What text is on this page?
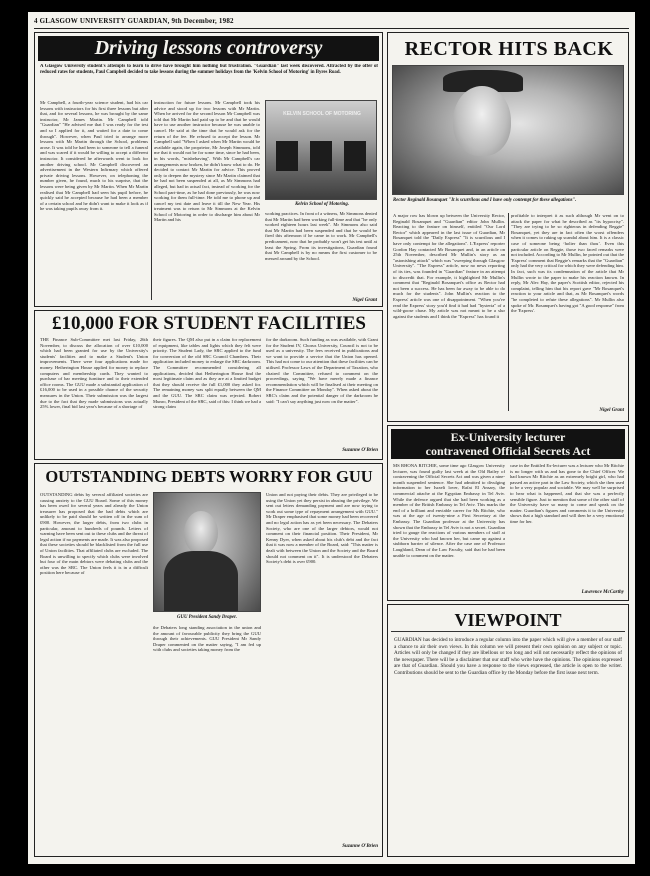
4 GLASGOW UNIVERSITY GUARDIAN, 9th December, 1982
Driving lessons controversy
A Glasgow University student's attempts to learn to drive have brought him nothing but frustration. "Guardian" last week discovered. Attracted by the offer of reduced rates for students, Paul Campbell decided to take lessons during the summer holidays from the 'Kelvin School of Motoring' in Byres Road.
Mr Campbell, a fourth-year science student, had his car lessons with instructors for his first three lessons but after that, and for several lessons, he was brought by the same instructor, Mr James Martin. Mr Campbell told "Guardian" "He advised me that I was ready for the test and so I applied for it, and waited for a date to come through". However, when Paul tried to arrange more lessons with Mr Martin through the School, problems arose. It was told he had been to someone to tell a funeral and was scared if it would be willing to accept a different instructor. It considered he afterwards went to look for another driving school. Mr Campbell discovered an advertisement in the Western Infirmary which offered private driving lessons. However, on telephoning the number given, he found, much to his surprise, that the lessons were being given by Mr Martin. When Mr Martin realised that Mr Campbell had seen his pupil before, he quickly said he accepted because he had been a member of a certain school and he didn't want to make it look as if he was taking pupils away from it.
instruction for future lessons. Mr Campbell took his advice and stood up for two lessons with Mr Martin. When he arrived for the second lesson Mr Campbell was told that Mr Martin had paid up to be and that he would have to use another instructor because he was unable to cancel. He said at the time that he would ask for the return of the fee. He refused to accept the lesson. Mr Campbell said "When I asked when Mr Martin would be available again, the proprietor, Mr Joseph Simmons, told me that it would not be for some time, since he had been, in his words, "misbehaving". With Mr Campbell's car arrangements now broken, he didn't know what to do. He decided to contact Mr Martin for advice. This proved only to deepen the mystery since Mr Martin claimed that he had not been suspended at all, as Mr Simmons had alleged, but had in actual fact, instead of working for the School part-time, as he had done previously, he was now working for them full-time. He told me to phone up and cancel my test date and leave it till the New Year. His treatment was to return to Mr Simmons at the Kelvin School of Motoring in order to discharge him about Mr Martin and his
KELVIN SCHOOL OF MOTORING
Kelvin School of Motoring.
working practices. In front of a witness, Mr Simmons denied that Mr Martin had been working full-time and that "he only worked eighteen hours last week". Mr Simmons also said that Mr Martin had been suspended and that he would be fired this afternoon if he came in to work. Mr Campbell's predicament, now that he probably won't get his test until at least the Spring. From its investigations, Guardian found that Mr Campbell is by no means the first customer to be messed around by the School.
Nigel Grant
RECTOR HITS BACK
Rector Reginald Bosanquet "It is scurrilous and I have only contempt for these allegations".
A major row has blown up between the University Rector, Reginald Bosanquet and "Guardian" editor John Mullin. Reacting to the feature on himself, entitled "Our Lord Rector" which appeared in the last issue of Guardian, Mr Bosanquet told the "Daily Express" "It is scurrilous and I have only contempt for the allegations". L'Express' reporter Gordon Hay contacted Mr Bosanquet and, in an article on 25th November, described Mr Mullin's story as an "astonishing attack" which was "sweeping through Glasgow University". "The Express" article, now no news reporting of its ties, was founded in "Guardian" feature in an attempt to discredit that. For example, it highlighted Mr Mullin's comment that "Reginald Bosanquet's office as Rector had not been a success. He has been far away to be able to do much for the students". John Mullin's reaction to the Express' article was one of disappointment. "When you've read the Express' story you'd find it had had "hysteria" of a wild-goose chase. My article was not meant to be a slur against the students and I think the "Express" has found it
profitable to interpret it as such although Mr went on to attack the paper for what he described as "its hypocrisy". "They are trying to be so righteous in defending Reggie" Bosanquet, yet they are in fact often the worst offenders when it comes to raking up scandal about him. It is a classic case of someone being ‘holier than thou’. Even this particular article on Reggie, those two faced remarks were not included. According to Mr Mullin, he pointed out that the 'Express' comment that Reggie's remarks that the "Guardian" only had the very critical for which they were defending him. In fact, such was its condemnation of the article that Mr Mullin wrote to the paper to make his reaction known. In reply, Mr Alec Hay, the paper's Scottish editor, rejected his complaint, telling him that his report gave "Mr Bosanquet's reaction to your article and that, as Mr Bosanquet's words "he completed to refute these allegations". Mr Mullin also spoke of Mr. Bosanquet's having got "A good response" from the 'Express'.
Nigel Grant
£10,000 FOR STUDENT FACILITIES
THE Finance Sub-Committee met last Friday, 26th November, to discuss the allocation of over £10,000 which had been granted for use by the University's students' facilities and to make a Student's Union improvements. There were four applications made for money. Hetherington House applied for money to replace computers and membership cards. They wanted to purchase of bar meeting furniture and to their extended office rooms. The GUU made a substantial application of £16,000 to be used in a possible chance of the security measures in the Union. Their submission was the largest due to the fact that they made submissions was actually 25% lower, final bid last year's because of a shortage of
their figures. The QM also put in a claim for replacement of equipment, like tables and lights which they felt were priority. The Student Lady, the SRC applied to the fund for conversion of the old SRC Council Chambers. Their application included money to enlarge the SRC darkroom. The Committee recommended considering all applications, decided that Hetherington House find the most legitimate claim and as they are at a limited budget that they should receive the full £1,000 they asked for. The remaining money was split equally between the QM and the GUU. The SRC claim was rejected. Robert Munro, President of the SRC, said of this: I think we had a strong claim
for the darkroom. Such funding as was available, with Grant for the Student IV, Chorus University, Council is not to be used as a university. The fees received in publications and we want to provide a service that the Union has opened. This had not come to our attention that these facilities can be utilised. Professor Laws of the Department of Taxation, who chaired the Committee, refused to comment on the proceedings, saying "We have merely made a finance recommendation which will be finalised at their meeting on the Finance Committee on Monday". When asked about the SRC's claim and the potential danger of the darkroom he said: "I can't say anything just now on the matter".
Suzanne O'Brien
Ex-University lecturer
contravened Official Secrets Act
MS RHONA RITCHIE, some time ago Glasgow University lecturer, was found guilty last week at the Old Bailey of contravening the Official Secrets Act and was given a nine-month suspended sentence. She had admitted to divulging information to her Israeli lover, Rafat El Ansary, the commercial attache at the Egyptian Embassy in Tel Aviv. While the defence argued that she had been working as a member of the British Embassy in Tel Aviv. This marks the end of a brilliant and enviable career for Ms Ritchie, who was at the age of twenty-nine a First Secretary at the Embassy. The Guardian professor at the University has shown that the Embassy in Tel Aviv is not a secret. Guardian tried to gauge the reactions of various members of staff at the University who had known her, but came up against a stubborn barrier of silence. After the case one of Professor Laughland, Dean of the Law Faculty, said that he had been unable to comment on the matter.
case in the Entitled Ex-lecturer was a lecturer who Mr Ritchie is no longer with us and has gone to the Chief Officer. We had known Mr Ritchie as an extremely bright girl, who had passed an active part in the Law Society, which she then used to be a very popular and sociable. We may well be surprised to hear what is happened, and that she was a perfectly sensible figure. Just to mention that some of the other staff of the University have so many to come and speak on the matter. Guardian's figures and comments it to the University shows that a high standard and will then be a very emotional time for her.
Lawrence McCarthy
OUTSTANDING DEBTS WORRY FOR GUU
OUTSTANDING debts by several affiliated societies are causing anxiety to the GUU Board. Some of this money has been owed for several years and already the Union treasurer has proposed that the bad debts which are unlikely to be paid should be written off in the sum of £900. However, the larger debts, from two clubs in particular, amount to hundreds of pounds. Letters of warning have been sent out to these clubs and the threat of legal action if no payments are made. It was also proposed that these societies should be blacklisted from the full use of Union facilities. That affiliated clubs are excluded. The Board is unwilling to specify which clubs were involved but four of the main debtors were debating clubs and the other was the SRC. The Union feels it is in a difficult position here because of
GUU President Sandy Draper.
the Debaters long standing association in the union and the amount of favourable publicity they bring the GUU through their achievements. GUU President Mr Sandy Draper commented on the matter saying, "I am fed up with clubs and societies taking money from the
Union and not paying their debts. They are privileged to be using the Union yet they persist in abusing the privilege. We sent out letters demanding payment and are now trying to work out some type of repayment arrangement with GUU." Mr Draper emphasised that some money had been recovered and no legal action has as yet been necessary. The Debaters Society, who are one of the larger debtors, would not comment on their financial position. Their President, Mr Kenny Dyer, when asked about his club's debt and the fact that it was now a member of the Board, said: "This matter is dealt with between the Union and the Society and the Board should not comment on it". It is understood the Debaters Society's debt is over £900.
Suzanne O'Brien
VIEWPOINT
GUARDIAN has decided to introduce a regular column into the paper which will give a member of our staff a chance to air their own views. In this column we will present their own opinion on any subject or topic. Articles will only be changed if they are libellous or too long and will not necessarily reflect the opinions of the newspaper. There will be a disclaimer that our staff who write have the opinions. The opinions expressed are that of Guardian. Should you have a response to the views expressed, the article is open to the writer. Contributions should be sent to the Guardian office by the Monday before the first issue next term.
